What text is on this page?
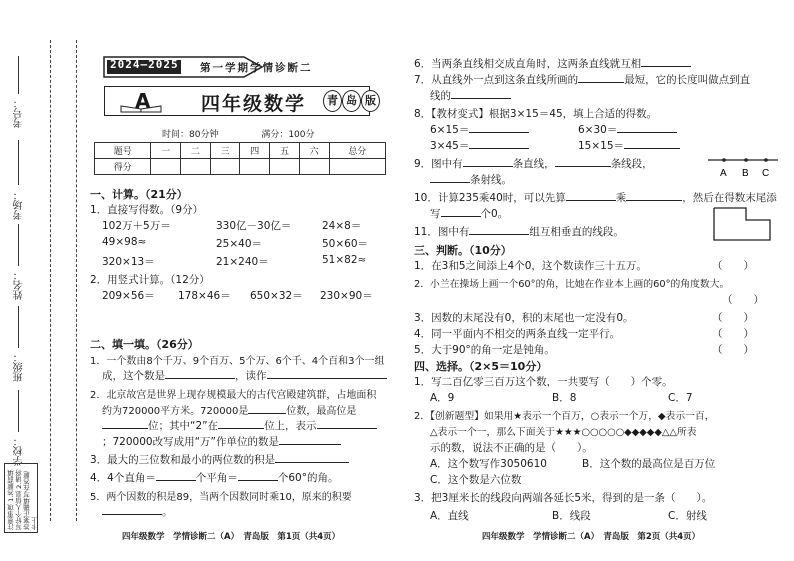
考号：
考场：
姓名：
班级：
学校：
注意事项 1.答题前填写好个人信息 2.请将答案正确填写在答题卡上
2024—2025 第一学期学情诊断二
A	四年级数学	青 岛 版
时间：80分钟	满分：100分
题号	一	二	三	四	五	六	总分
得分							
一、计算。（21分）
1．直接写得数。（9分）
102万＋5万＝	330亿－30亿＝	24×8＝
49×98≈	25×40＝	50×60＝
320×13＝	21×240＝	51×82≈
2．用竖式计算。（12分）
209×56＝ 178×46＝ 650×32＝ 230×90＝
二、填一填。（26分）
1．一个数由8个千万、9个百万、5个万、6个千、4个百和3个一组
成，这个数是	，读作
2．北京故宫是世界上现存规模最大的古代宫殿建筑群，占地面积
约为720000平方米。720000是	位数，最高位是
位；其中“2”在	位上，表示
；720000改写成用“万”作单位的数是
3．最大的三位数和最小的两位数的积是
4．4个直角＝	个平角＝	个60°的角。
5．两个因数的积是89，当两个因数同时乘10，原来的积要
。
四年级数学　学情诊断二（A）　青岛版　第1页（共4页）
6．当两条直线相交成直角时，这两条直线就互相
7．从直线外一点到这条直线所画的	最短，它的长度叫做点到直
线的
8．【教材变式】根据3×15＝45，填上合适的得数。
6×15＝	6×30＝
3×45＝	15×15＝
9．图中有	条直线，	条线段，
条射线。
A B C
10．计算235乘40时，可以先算	乘	，然后在得数末尾添
写	个0。
11．图中有	组互相垂直的线段。
三、判断。（10分）
1．在3和5之间添上4个0，这个数读作三十五万。	（　　）
2．小兰在操场上画一个60°的角，比她在作业本上画的60°的角度数大。
（　　）
3．因数的末尾没有0，积的末尾也一定没有0。	（　　）
4．同一平面内不相交的两条直线一定平行。	（　　）
5．大于90°的角一定是钝角。	（　　）
四、选择。（2×5＝10分）
1．写二百亿零三百万这个数，一共要写（　　）个零。
A．9	B．8	C．7
2．【创新题型】如果用★表示一个百万，○表示一个万，◆表示一百，
△表示一个一，那么下面关于★★★○○○○○◆◆◆◆◆△△所表
示的数，说法不正确的是（　　）。
A．这个数写作3050610	B．这个数的最高位是百万位
C．这个数是六位数
3．把3厘米长的线段向两端各延长5米，得到的是一条（　　）。
A．直线	B．线段	C．射线
四年级数学　学情诊断二（A）　青岛版　第2页（共4页）
